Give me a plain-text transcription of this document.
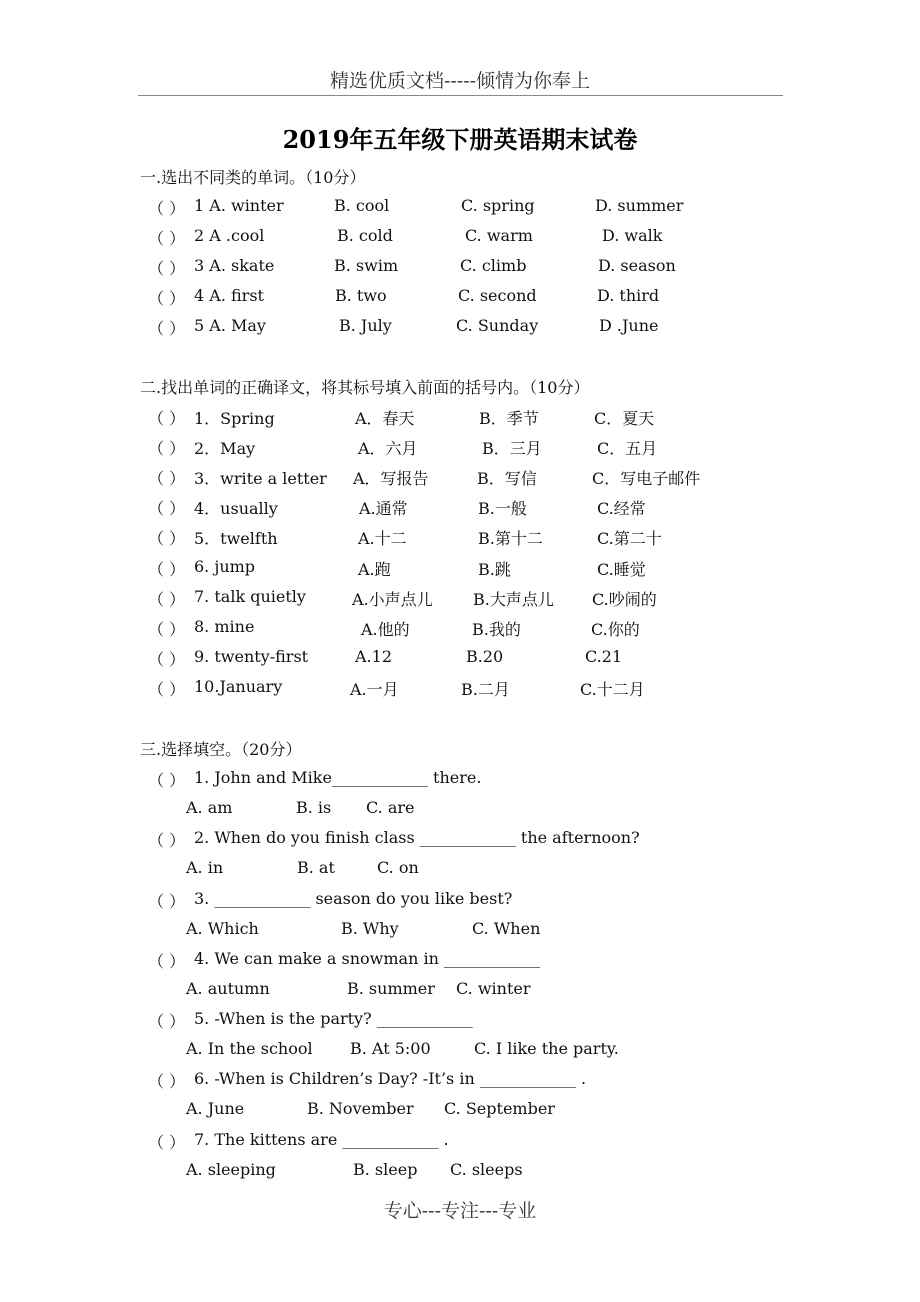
精选优质文档-----倾情为你奉上
2019年五年级下册英语期末试卷
一.选出不同类的单词。（10分）
（ ） 1 A. winter	B. cool	C. spring	D. summer
（ ） 2 A .cool	B. cold	C. warm	D. walk
（ ） 3 A. skate	B. swim	C. climb	D. season
（ ） 4 A. first	B. two	C. second	D. third
（ ） 5 A. May	B. July	C. Sunday	D .June
二.找出单词的正确译文，将其标号填入前面的括号内。（10分）
（ ） 1．Spring	A．春天	B．季节	C．夏天
（ ） 2．May	A．六月	B．三月	C．五月
（ ） 3．write a letter A．写报告	B．写信	C．写电子邮件
（ ） 4．usually	A.通常	B.一般	C.经常
（ ） 5．twelfth	A.十二	B.第十二	C.第二十
（ ） 6. jump	A.跑	B.跳	C.睡觉
（ ） 7. talk quietly	A.小声点儿	B.大声点儿 C.吵闹的
（ ） 8. mine	A.他的	B.我的	C.你的
（ ） 9. twenty-first	A.12	B.20	C.21
（ ） 10.January	A.一月	B.二月	C.十二月
三.选择填空。（20分）
（ ） 1. John and Mike____________ there.
A. am	B. is C. are
（ ） 2. When do you finish class ____________ the afternoon?
A. in	B. at	C. on
（ ） 3. ____________ season do you like best?
A. Which	B. Why	C. When
（ ） 4. We can make a snowman in ____________
A. autumn	B. summer C. winter
（ ） 5. -When is the party? ____________
A. In the school B. At 5:00	C. I like the party.
（ ） 6. -When is Children’s Day? -It’s in ____________ .
A. June	B. November C. September
（ ） 7. The kittens are ____________ .
A. sleeping	B. sleep C. sleeps
专心---专注---专业
